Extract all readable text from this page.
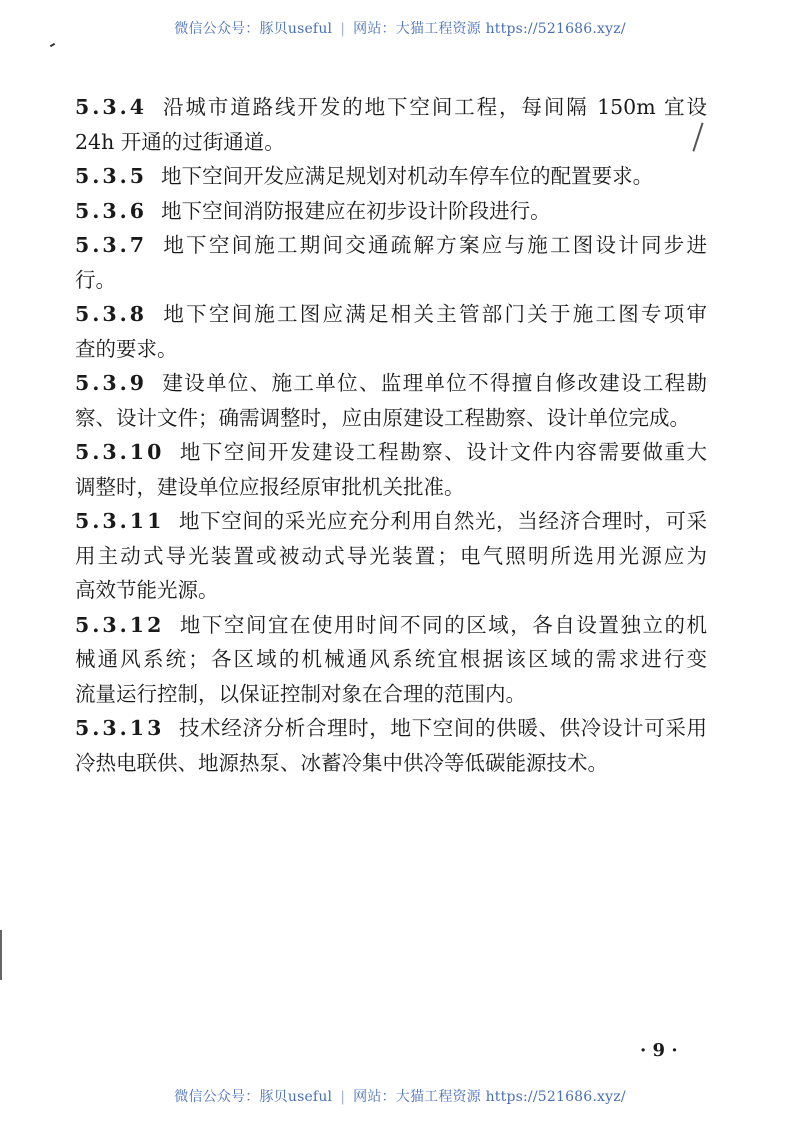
微信公众号：豚贝useful | 网站：大猫工程资源 https://521686.xyz/
5.3.4 沿城市道路线开发的地下空间工程，每间隔 150m 宜设
24h 开通的过街通道。
5.3.5 地下空间开发应满足规划对机动车停车位的配置要求。
5.3.6 地下空间消防报建应在初步设计阶段进行。
5.3.7 地下空间施工期间交通疏解方案应与施工图设计同步进
行。
5.3.8 地下空间施工图应满足相关主管部门关于施工图专项审
查的要求。
5.3.9 建设单位、施工单位、监理单位不得擅自修改建设工程勘
察、设计文件；确需调整时，应由原建设工程勘察、设计单位完成。
5.3.10 地下空间开发建设工程勘察、设计文件内容需要做重大
调整时，建设单位应报经原审批机关批准。
5.3.11 地下空间的采光应充分利用自然光，当经济合理时，可采
用主动式导光装置或被动式导光装置；电气照明所选用光源应为
高效节能光源。
5.3.12 地下空间宜在使用时间不同的区域，各自设置独立的机
械通风系统；各区域的机械通风系统宜根据该区域的需求进行变
流量运行控制，以保证控制对象在合理的范围内。
5.3.13 技术经济分析合理时，地下空间的供暖、供冷设计可采用
冷热电联供、地源热泵、冰蓄冷集中供冷等低碳能源技术。
· 9 ·
微信公众号：豚贝useful | 网站：大猫工程资源 https://521686.xyz/
